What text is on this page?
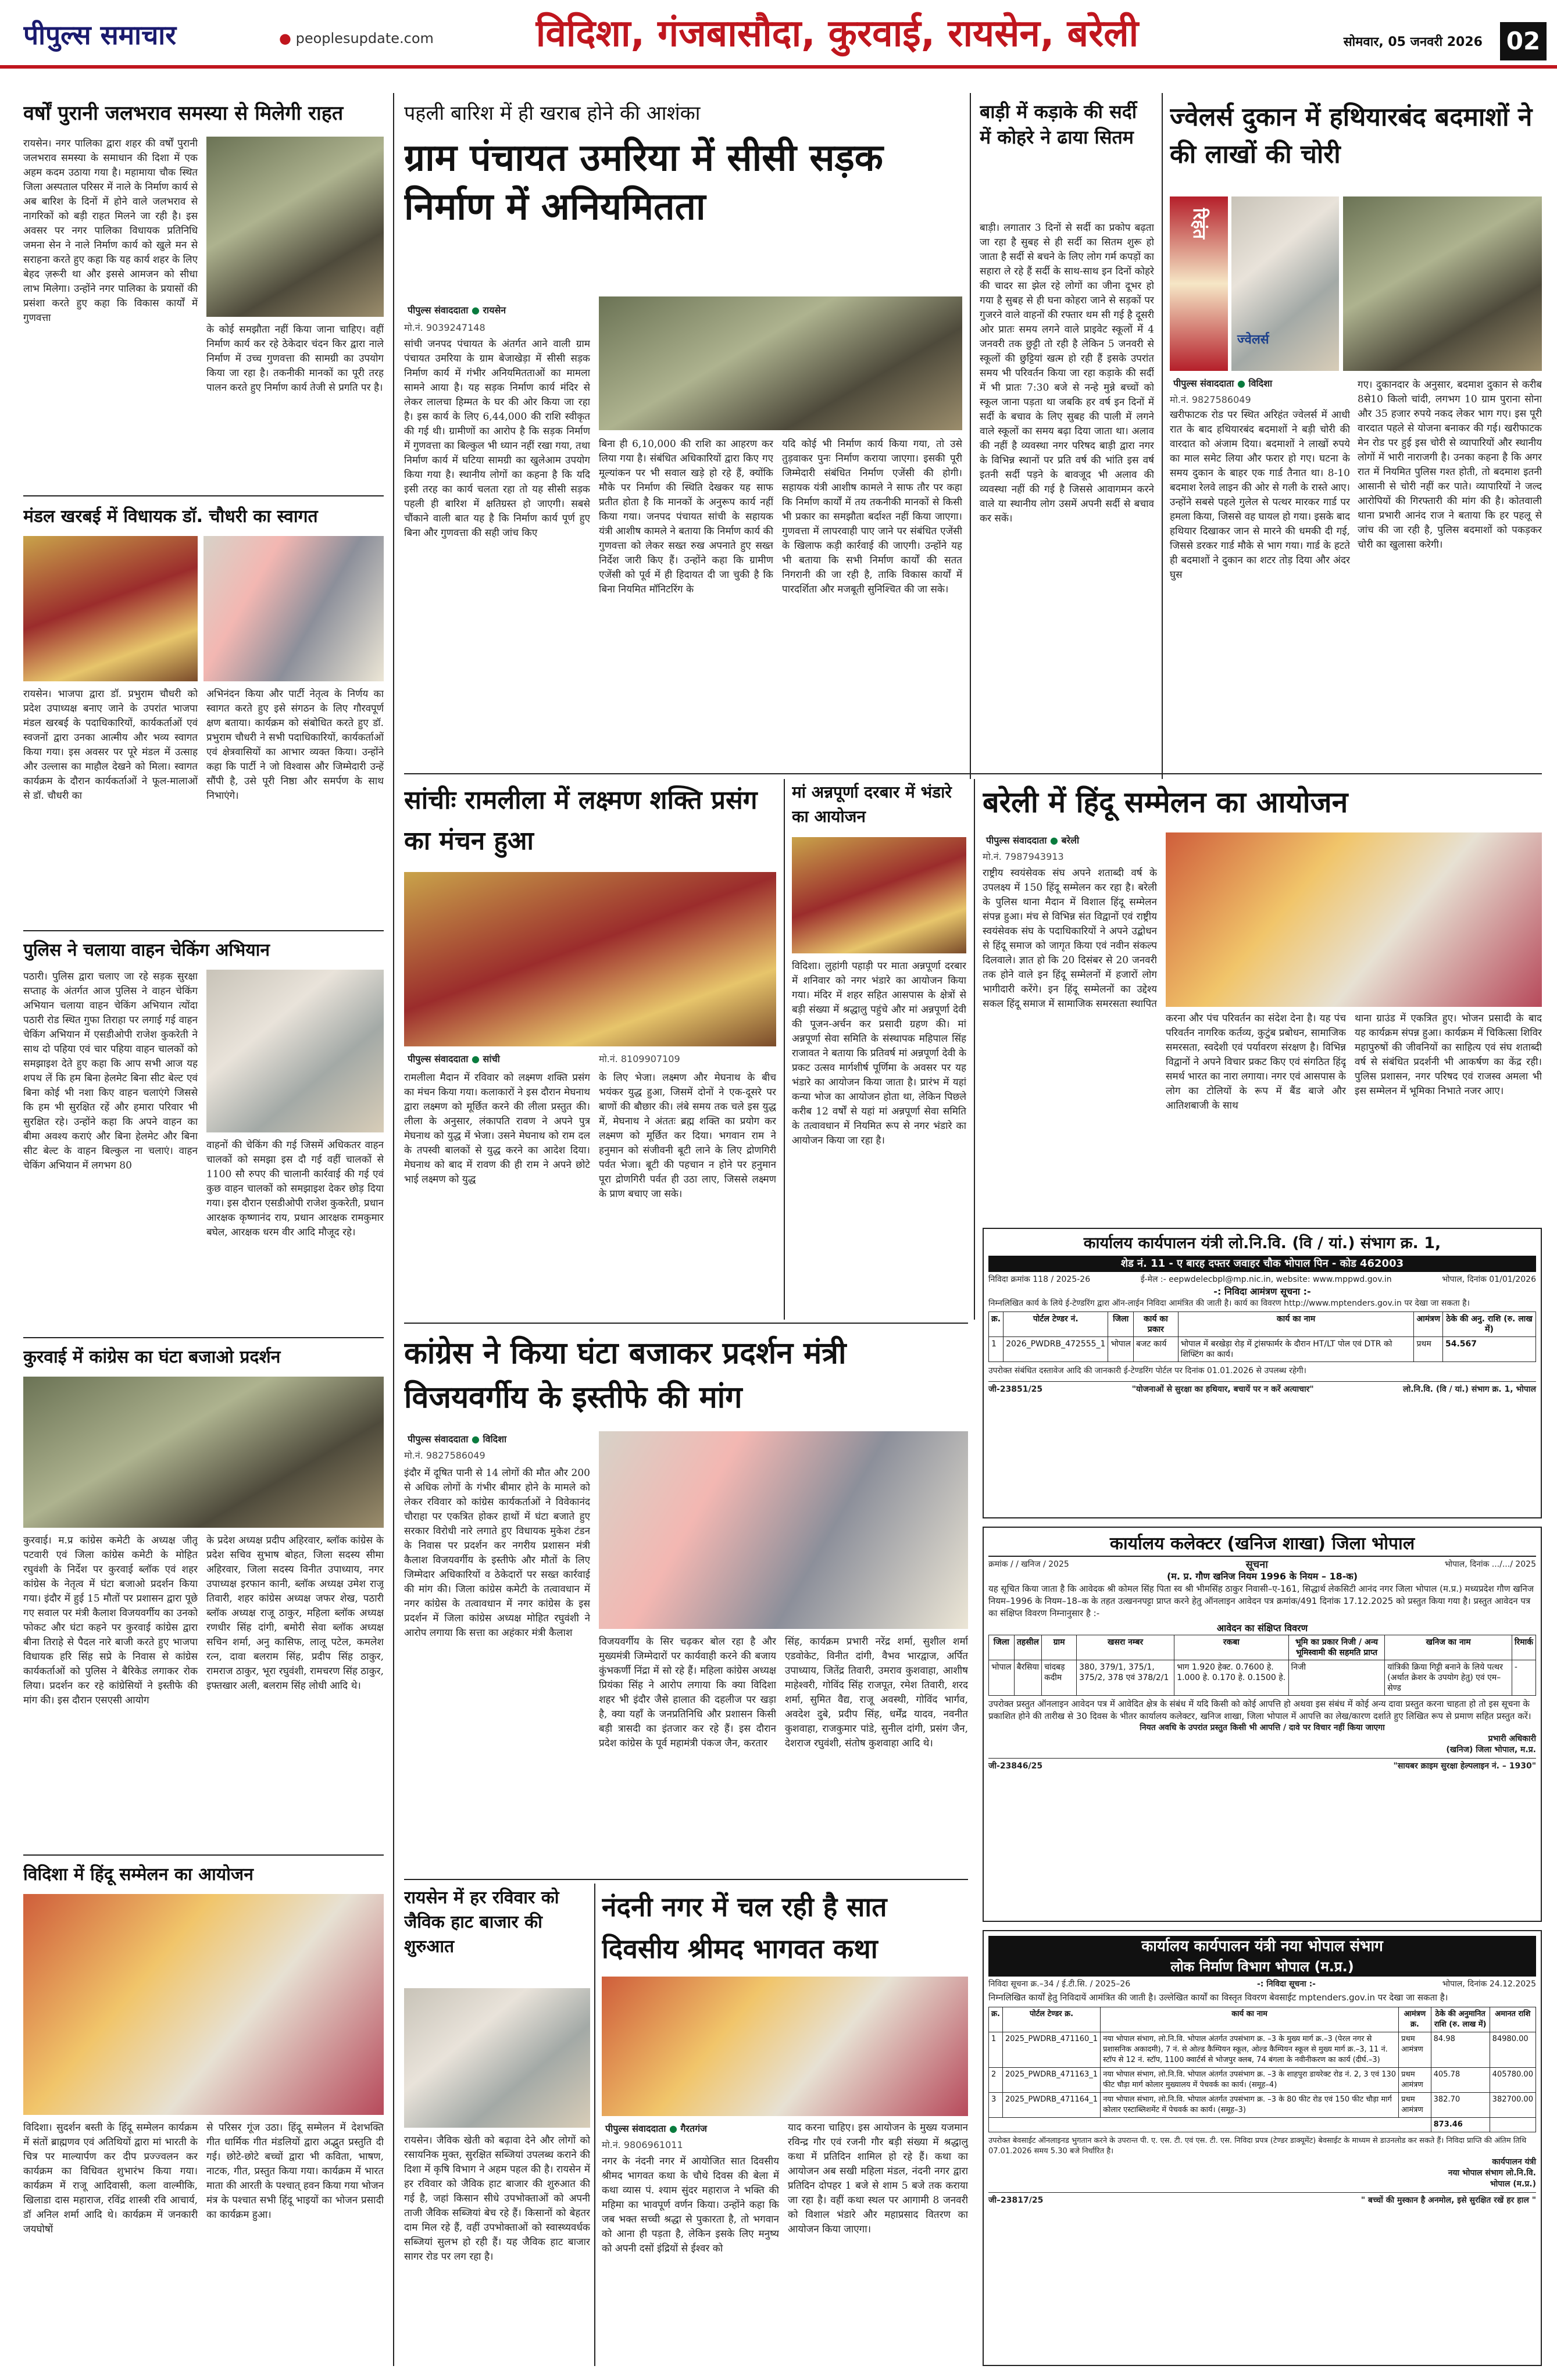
पीपुल्स समाचार	● peoplesupdate.com	विदिशा, गंजबासौदा, कुरवाई, रायसेन, बरेली	सोमवार, 05 जनवरी 2026 02
वर्षों पुरानी जलभराव समस्या से मिलेगी राहत
रायसेन। नगर पालिका द्वारा शहर की वर्षों पुरानी जलभराव समस्या के समाधान की दिशा में एक अहम कदम उठाया गया है। महामाया चौक स्थित जिला अस्पताल परिसर में नाले के निर्माण कार्य से अब बारिश के दिनों में होने वाले जलभराव से नागरिकों को बड़ी राहत मिलने जा रही है। इस अवसर पर नगर पालिका विधायक प्रतिनिधि जमना सेन ने नाले निर्माण कार्य को खुले मन से सराहना करते हुए कहा कि यह कार्य शहर के लिए बेहद ज़रूरी था और इससे आमजन को सीधा लाभ मिलेगा। उन्होंने नगर पालिका के प्रयासों की प्रसंशा करते हुए कहा कि विकास कार्यों में गुणवत्ता
के कोई समझौता नहीं किया जाना चाहिए। वहीं निर्माण कार्य कर रहे ठेकेदार चंदन किर द्वारा नाले निर्माण में उच्च गुणवत्ता की सामग्री का उपयोग किया जा रहा है। तकनीकी मानकों का पूरी तरह पालन करते हुए निर्माण कार्य तेजी से प्रगति पर है।
मंडल खरबई में विधायक डॉ. चौधरी का स्वागत
रायसेन। भाजपा द्वारा डॉ. प्रभुराम चौधरी को प्रदेश उपाध्यक्ष बनाए जाने के उपरांत भाजपा मंडल खरबई के पदाधिकारियों, कार्यकर्ताओं एवं स्वजनों द्वारा उनका आत्मीय और भव्य स्वागत किया गया। इस अवसर पर पूरे मंडल में उत्साह और उल्लास का माहौल देखने को मिला। स्वागत कार्यक्रम के दौरान कार्यकर्ताओं ने फूल-मालाओं से डॉ. चौधरी का
अभिनंदन किया और पार्टी नेतृत्व के निर्णय का स्वागत करते हुए इसे संगठन के लिए गौरवपूर्ण क्षण बताया। कार्यक्रम को संबोधित करते हुए डॉ. प्रभुराम चौधरी ने सभी पदाधिकारियों, कार्यकर्ताओं एवं क्षेत्रवासियों का आभार व्यक्त किया। उन्होंने कहा कि पार्टी ने जो विश्वास और जिम्मेदारी उन्हें सौंपी है, उसे पूरी निष्ठा और समर्पण के साथ निभाएंगे।
पुलिस ने चलाया वाहन चेकिंग अभियान
पठारी। पुलिस द्वारा चलाए जा रहे सड़क सुरक्षा सप्ताह के अंतर्गत आज पुलिस ने वाहन चेकिंग अभियान चलाया वाहन चेकिंग अभियान त्योंदा पठारी रोड स्थित गुफा तिराहा पर लगाई गई वाहन चेकिंग अभियान में एसडीओपी राजेश कुकरेती ने साथ दो पहिया एवं चार पहिया वाहन चालकों को समझाइश देते हुए कहा कि आप सभी आज यह शपथ लें कि हम बिना हेलमेट बिना सीट बेल्ट एवं बिना कोई भी नशा किए वाहन चलाएंगे जिससे कि हम भी सुरक्षित रहें और हमारा परिवार भी सुरक्षित रहे। उन्होंने कहा कि अपने वाहन का बीमा अवश्य कराएं और बिना हेलमेट और बिना सीट बेल्ट के वाहन बिल्कुल ना चलाएं। वाहन चेकिंग अभियान में लगभग 80
वाहनों की चेकिंग की गई जिसमें अधिकतर वाहन चालकों को समझा इस दौ गई वहीं चालकों से 1100 सौ रुपए की चालानी कार्रवाई की गई एवं कुछ वाहन चालकों को समझाइश देकर छोड़ दिया गया। इस दौरान एसडीओपी राजेश कुकरेती, प्रधान आरक्षक कृष्णानंद राय, प्रधान आरक्षक रामकुमार बघेल, आरक्षक धरम वीर आदि मौजूद रहे।
कुरवाई में कांग्रेस का घंटा बजाओ प्रदर्शन
कुरवाई। म.प्र कांग्रेस कमेटी के अध्यक्ष जीतू पटवारी एवं जिला कांग्रेस कमेटी के मोहित रघुवंशी के निर्देश पर कुरवाई ब्लॉक एवं शहर कांग्रेस के नेतृत्व में घंटा बजाओ प्रदर्शन किया गया। इंदौर में हुई 15 मौतों पर प्रशासन द्वारा पूछे गए सवाल पर मंत्री कैलाश विजयवर्गीय का उनको फोकट और घंटा कहने पर कुरवाई कांग्रेस द्वारा बीना तिराहे से पैदल नारे बाजी करते हुए भाजपा विधायक हरि सिंह सप्रे के निवास से कांग्रेस कार्यकर्ताओं को पुलिस ने बैरिकेड लगाकर रोक लिया। प्रदर्शन कर रहे कांग्रेसियों ने इस्तीफे की मांग की। इस दौरान एसएसी आयोग
के प्रदेश अध्यक्ष प्रदीप अहिरवार, ब्लॉक कांग्रेस के प्रदेश सचिव सुभाष बोहत, जिला सदस्य सीमा अहिरवार, जिला सदस्य विनीत उपाध्याय, नगर उपाध्यक्ष इरफान कानी, ब्लॉक अध्यक्ष उमेश राजू तिवारी, शहर कांग्रेस अध्यक्ष जफर शेख, पठारी ब्लॉक अध्यक्ष राजू ठाकुर, महिला ब्लॉक अध्यक्ष रणधीर सिंह दांगी, बमोरी सेवा ब्लॉक अध्यक्ष सचिन शर्मा, अनु कासिफ, लालू पटेल, कमलेश रत्न, दावा बलराम सिंह, प्रदीप सिंह ठाकुर, रामराज ठाकुर, भूरा रघुवंशी, रामचरण सिंह ठाकुर, इफ्तखार अली, बलराम सिंह लोधी आदि थे।
विदिशा में हिंदू सम्मेलन का आयोजन
विदिशा। सुदर्शन बस्ती के हिंदू सम्मेलन कार्यक्रम में संतों ब्राह्मणव एवं अतिथियों द्वारा मां भारती के चित्र पर माल्यार्पण कर दीप प्रज्ज्वलन कर कार्यक्रम का विधिवत शुभारंभ किया गया। कार्यक्रम में राजू आदिवासी, कला वाल्मीकि, खिलाडा दास महाराज, रविंद्र शास्त्री रवि आचार्य, डॉ अनिल शर्मा आदि थे। कार्यक्रम में जनकारी जयघोषों
से परिसर गूंज उठा। हिंदू सम्मेलन में देशभक्ति गीत धार्मिक गीत मंडलियों द्वारा अद्भुत प्रस्तुति दी गई। छोटे-छोटे बच्चों द्वारा भी कविता, भाषण, नाटक, गीत, प्रस्तुत किया गया। कार्यक्रम में भारत माता की आरती के पश्चात् हवन किया गया भोजन मंत्र के पश्चात सभी हिंदू भाइयों का भोजन प्रसादी का कार्यक्रम हुआ।
पहली बारिश में ही खराब होने की आशंका
ग्राम पंचायत उमरिया में सीसी सड़क निर्माण में अनियमितता
पीपुल्स संवाददाता ● रायसेन
मो.नं. 9039247148
सांची जनपद पंचायत के अंतर्गत आने वाली ग्राम पंचायत उमरिया के ग्राम बेजाखेड़ा में सीसी सड़क निर्माण कार्य में गंभीर अनियमितताओं का मामला सामने आया है। यह सड़क निर्माण कार्य मंदिर से लेकर लालचा हिम्मत के घर की ओर किया जा रहा है। इस कार्य के लिए 6,44,000 की राशि स्वीकृत की गई थी। ग्रामीणों का आरोप है कि सड़क निर्माण में गुणवत्ता का बिल्कुल भी ध्यान नहीं रखा गया, तथा निर्माण कार्य में घटिया सामग्री का खुलेआम उपयोग किया गया है। स्थानीय लोगों का कहना है कि यदि इसी तरह का कार्य चलता रहा तो यह सीसी सड़क पहली ही बारिश में क्षतिग्रस्त हो जाएगी। सबसे चौंकाने वाली बात यह है कि निर्माण कार्य पूर्ण हुए बिना और गुणवत्ता की सही जांच किए
बिना ही 6,10,000 की राशि का आहरण कर लिया गया है। संबंधित अधिकारियों द्वारा किए गए मूल्यांकन पर भी सवाल खड़े हो रहे हैं, क्योंकि मौके पर निर्माण की स्थिति देखकर यह साफ प्रतीत होता है कि मानकों के अनुरूप कार्य नहीं किया गया। जनपद पंचायत सांची के सहायक यंत्री आशीष कामले ने बताया कि निर्माण कार्य की गुणवत्ता को लेकर सख्त रुख अपनाते हुए सख्त निर्देश जारी किए हैं। उन्होंने कहा कि ग्रामीण एजेंसी को पूर्व में ही हिदायत दी जा चुकी है कि बिना नियमित मॉनिटरिंग के
यदि कोई भी निर्माण कार्य किया गया, तो उसे तुड़वाकर पुनः निर्माण कराया जाएगा। इसकी पूरी जिम्मेदारी संबंधित निर्माण एजेंसी की होगी। सहायक यंत्री आशीष कामले ने साफ तौर पर कहा कि निर्माण कार्यों में तय तकनीकी मानकों से किसी भी प्रकार का समझौता बर्दाश्त नहीं किया जाएगा। गुणवत्ता में लापरवाही पाए जाने पर संबंधित एजेंसी के खिलाफ कड़ी कार्रवाई की जाएगी। उन्होंने यह भी बताया कि सभी निर्माण कार्यों की सतत निगरानी की जा रही है, ताकि विकास कार्यों में पारदर्शिता और मजबूती सुनिश्चित की जा सके।
बाड़ी में कड़ाके की सर्दी में कोहरे ने ढाया सितम
बाड़ी। लगातार 3 दिनों से सर्दी का प्रकोप बढ़ता जा रहा है सुबह से ही सर्दी का सितम शुरू हो जाता है सर्दी से बचने के लिए लोग गर्म कपड़ों का सहारा ले रहे हैं सर्दी के साथ-साथ इन दिनों कोहरे की चादर सा झेल रहे लोगों का जीना दूभर हो गया है सुबह से ही घना कोहरा जाने से सड़कों पर गुजरने वाले वाहनों की रफ्तार थम सी गई है दूसरी ओर प्रातः समय लगने वाले प्राइवेट स्कूलों में 4 जनवरी तक छुट्टी तो रही है लेकिन 5 जनवरी से स्कूलों की छुट्टियां खत्म हो रही हैं इसके उपरांत समय भी परिवर्तन किया जा रहा कड़ाके की सर्दी में भी प्रातः 7:30 बजे से नन्हे मुन्ने बच्चों को स्कूल जाना पड़ता था जबकि हर वर्ष इन दिनों में सर्दी के बचाव के लिए सुबह की पाली में लगने वाले स्कूलों का समय बढ़ा दिया जाता था। अलाव की नहीं है व्यवस्था नगर परिषद बाड़ी द्वारा नगर के विभिन्न स्थानों पर प्रति वर्ष की भांति इस वर्ष इतनी सर्दी पड़ने के बावजूद भी अलाव की व्यवस्था नहीं की गई है जिससे आवागमन करने वाले या स्थानीय लोग उसमें अपनी सर्दी से बचाव कर सकें।
ज्वेलर्स दुकान में हथियारबंद बदमाशों ने की लाखों की चोरी
रिहंत
ज्वेलर्स
पीपुल्स संवाददाता ● विदिशा
मो.नं. 9827586049
खरीफाटक रोड पर स्थित अरिहंत ज्वेलर्स में आधी रात के बाद हथियारबंद बदमाशों ने बड़ी चोरी की वारदात को अंजाम दिया। बदमाशों ने लाखों रुपये का माल समेट लिया और फरार हो गए। घटना के समय दुकान के बाहर एक गार्ड तैनात था। 8-10 बदमाश रेलवे लाइन की ओर से गली के रास्ते आए। उन्होंने सबसे पहले गुलेल से पत्थर मारकर गार्ड पर हमला किया, जिससे वह घायल हो गया। इसके बाद हथियार दिखाकर जान से मारने की धमकी दी गई, जिससे डरकर गार्ड मौके से भाग गया। गार्ड के हटते ही बदमाशों ने दुकान का शटर तोड़ दिया और अंदर घुस
गए। दुकानदार के अनुसार, बदमाश दुकान से करीब 8से10 किलो चांदी, लगभग 10 ग्राम पुराना सोना और 35 हजार रुपये नकद लेकर भाग गए। इस पूरी वारदात पहले से योजना बनाकर की गई। खरीफाटक मेन रोड पर हुई इस चोरी से व्यापारियों और स्थानीय लोगों में भारी नाराजगी है। उनका कहना है कि अगर रात में नियमित पुलिस गश्त होती, तो बदमाश इतनी आसानी से चोरी नहीं कर पाते। व्यापारियों ने जल्द आरोपियों की गिरफ्तारी की मांग की है। कोतवाली थाना प्रभारी आनंद राज ने बताया कि हर पहलू से जांच की जा रही है, पुलिस बदमाशों को पकड़कर चोरी का खुलासा करेगी।
सांचीः रामलीला में लक्ष्मण शक्ति प्रसंग का मंचन हुआ
पीपुल्स संवाददाता ● सांची	मो.नं. 8109907109
रामलीला मैदान में रविवार को लक्ष्मण शक्ति प्रसंग का मंचन किया गया। कलाकारों ने इस दौरान मेघनाथ द्वारा लक्ष्मण को मूर्छित करने की लीला प्रस्तुत की। लीला के अनुसार, लंकापति रावण ने अपने पुत्र मेघनाथ को युद्ध में भेजा। उसने मेघनाथ को राम दल के तपस्वी बालकों से युद्ध करने का आदेश दिया। मेघनाथ को बाद में रावण की ही राम ने अपने छोटे भाई लक्ष्मण को युद्ध
के लिए भेजा। लक्ष्मण और मेघनाथ के बीच भयंकर युद्ध हुआ, जिसमें दोनों ने एक-दूसरे पर बाणों की बौछार की। लंबे समय तक चले इस युद्ध में, मेघनाथ ने अंततः ब्रह्म शक्ति का प्रयोग कर लक्ष्मण को मूर्छित कर दिया। भगवान राम ने हनुमान को संजीवनी बूटी लाने के लिए द्रोणगिरी पर्वत भेजा। बूटी की पहचान न होने पर हनुमान पूरा द्रोणगिरी पर्वत ही उठा लाए, जिससे लक्ष्मण के प्राण बचाए जा सके।
मां अन्नपूर्णा दरबार में भंडारे का आयोजन
विदिशा। लुहांगी पहाड़ी पर माता अन्नपूर्णा दरबार में शनिवार को नगर भंडारे का आयोजन किया गया। मंदिर में शहर सहित आसपास के क्षेत्रों से बड़ी संख्या में श्रद्धालु पहुंचे और मां अन्नपूर्णा देवी की पूजन-अर्चन कर प्रसादी ग्रहण की। मां अन्नपूर्णा सेवा समिति के संस्थापक महिपाल सिंह राजावत ने बताया कि प्रतिवर्ष मां अन्नपूर्णा देवी के प्रकट उत्सव मार्गशीर्ष पूर्णिमा के अवसर पर यह भंडारे का आयोजन किया जाता है। प्रारंभ में यहां कन्या भोज का आयोजन होता था, लेकिन पिछले करीब 12 वर्षों से यहां मां अन्नपूर्णा सेवा समिति के तत्वावधान में नियमित रूप से नगर भंडारे का आयोजन किया जा रहा है।
बरेली में हिंदू सम्मेलन का आयोजन
पीपुल्स संवाददाता ● बरेली
मो.नं. 7987943913
राष्ट्रीय स्वयंसेवक संघ अपने शताब्दी वर्ष के उपलक्ष्य में 150 हिंदू सम्मेलन कर रहा है। बरेली के पुलिस थाना मैदान में विशाल हिंदू सम्मेलन संपन्न हुआ। मंच से विभिन्न संत विद्वानों एवं राष्ट्रीय स्वयंसेवक संघ के पदाधिकारियों ने अपने उद्बोधन से हिंदू समाज को जागृत किया एवं नवीन संकल्प दिलवाले। ज्ञात हो कि 20 दिसंबर से 20 जनवरी तक होने वाले इन हिंदू सम्मेलनों में हजारों लोग भागीदारी करेंगे। इन हिंदू सम्मेलनों का उद्देश्य सकल हिंदू समाज में सामाजिक समरसता स्थापित
करना और पंच परिवर्तन का संदेश देना है। यह पंच परिवर्तन नागरिक कर्तव्य, कुटुंब प्रबोधन, सामाजिक समरसता, स्वदेशी एवं पर्यावरण संरक्षण है। विभिन्न विद्वानों ने अपने विचार प्रकट किए एवं संगठित हिंदू समर्थ भारत का नारा लगाया। नगर एवं आसपास के लोग का टोलियों के रूप में बैंड बाजे और आतिशबाजी के साथ
थाना ग्राउंड में एकत्रित हुए। भोजन प्रसादी के बाद यह कार्यक्रम संपन्न हुआ। कार्यक्रम में चिकित्सा शिविर महापुरुषों की जीवनियों का साहित्य एवं संघ शताब्दी वर्ष से संबंधित प्रदर्शनी भी आकर्षण का केंद्र रही। पुलिस प्रशासन, नगर परिषद एवं राजस्व अमला भी इस सम्मेलन में भूमिका निभाते नजर आए।
कार्यालय कार्यपालन यंत्री लो.नि.वि. (वि / यां.) संभाग क्र. 1,
शेड नं. 11 - ए बारह दफ्तर जवाहर चौक भोपाल पिन - कोड 462003
निविदा क्रमांक 118 / 2025-26	ई-मेल :- eepwdelecbpl@mp.nic.in, website: www.mppwd.gov.in	भोपाल, दिनांक 01/01/2026
-: निविदा आमंत्रण सूचना :-
निम्नलिखित कार्य के लिये ई-टेण्डरिंग द्वारा ऑन-लाईन निविदा आमंत्रित की जाती है। कार्य का विवरण http://www.mptenders.gov.in पर देखा जा सकता है।
क्र.	पोर्टल टेण्डर नं.	जिला	कार्य का प्रकार	कार्य का नाम	आमंत्रण	ठेके की अनु. राशि (रु. लाख में)
1	2026_PWDRB_472555_1	भोपाल	बजट कार्य	भोपाल में बरखेड़ा रोड़ में ट्रांसफार्मर के दौरान HT/LT पोल एवं DTR को शिफ्टिंग का कार्य।	प्रथम	54.567
उपरोक्त संबंधित दस्तावेज आदि की जानकारी ई-टेण्डरिंग पोर्टल पर दिनांक 01.01.2026 से उपलब्ध रहेगी।
जी-23851/25	"योजनाओं से सुरक्षा का हथियार, बचायें पर न करें अत्याचार"	लो.नि.वि. (वि / यां.) संभाग क्र. 1, भोपाल
कांग्रेस ने किया घंटा बजाकर प्रदर्शन मंत्री विजयवर्गीय के इस्तीफे की मांग
पीपुल्स संवाददाता ● विदिशा
मो.नं. 9827586049
इंदौर में दूषित पानी से 14 लोगों की मौत और 200 से अधिक लोगों के गंभीर बीमार होने के मामले को लेकर रविवार को कांग्रेस कार्यकर्ताओं ने विवेकानंद चौराहा पर एकत्रित होकर हाथों में घंटा बजाते हुए सरकार विरोधी नारे लगाते हुए विधायक मुकेश टंडन के निवास पर प्रदर्शन कर नगरीय प्रशासन मंत्री कैलाश विजयवर्गीय के इस्तीफे और मौतों के लिए जिम्मेदार अधिकारियों व ठेकेदारों पर सख्त कार्रवाई की मांग की। जिला कांग्रेस कमेटी के तत्वावधान में नगर कांग्रेस के तत्वावधान में नगर कांग्रेस के इस प्रदर्शन में जिला कांग्रेस अध्यक्ष मोहित रघुवंशी ने आरोप लगाया कि सत्ता का अहंकार मंत्री कैलाश
विजयवर्गीय के सिर चढ़कर बोल रहा है और मुख्यमंत्री जिम्मेदारों पर कार्यवाही करने की बजाय कुंभकर्णी निंद्रा में सो रहे हैं। महिला कांग्रेस अध्यक्ष प्रियंका सिंह ने आरोप लगाया कि क्या विदिशा शहर भी इंदौर जैसे हालात की दहलीज पर खड़ा है, क्या यहाँ के जनप्रतिनिधि और प्रशासन किसी बड़ी त्रासदी का इंतजार कर रहे हैं। इस दौरान प्रदेश कांग्रेस के पूर्व महामंत्री पंकज जैन, करतार
सिंह, कार्यक्रम प्रभारी नरेंद्र शर्मा, सुशील शर्मा एडवोकेट, विनीत दांगी, वैभव भारद्वाज, अर्पित उपाध्याय, जितेंद्र तिवारी, उमराव कुशवाहा, आशीष माहेश्वरी, गोविंद सिंह राजपूत, रमेश तिवारी, शरद शर्मा, सुमित वैद्य, राजू अवस्थी, गोविंद भार्गव, अवदेश दुबे, प्रदीप सिंह, धर्मेंद्र यादव, नवनीत कुशवाहा, राजकुमार पांडे, सुनील दांगी, प्रसंग जैन, देशराज रघुवंशी, संतोष कुशवाहा आदि थे।
कार्यालय कलेक्टर (खनिज शाखा) जिला भोपाल
क्रमांक / / खनिज / 2025	सूचना	भोपाल, दिनांक .../.../ 2025
(म. प्र. गौण खनिज नियम 1996 के नियम – 18-क)
यह सूचित किया जाता है कि आवेदक श्री कोमल सिंह पिता स्व श्री भीमसिंह ठाकुर निवासी–ए-161, सिद्धार्थ लेकसिटी आनंद नगर जिला भोपाल (म.प्र.) मध्यप्रदेश गौण खनिज नियम–1996 के नियम–18–क के तहत उत्खननपट्टा प्राप्त करने हेतु ऑनलाइन आवेदन पत्र क्रमांक/491 दिनांक 17.12.2025 को प्रस्तुत किया गया है। प्रस्तुत आवेदन पत्र का संक्षिप्त विवरण निम्नानुसार है :-
आवेदन का संक्षिप्त विवरण
जिला	तहसील	ग्राम	खसरा नम्बर	रकबा	भूमि का प्रकार निजी / अन्य भूमिस्वामी की सहमति प्राप्त	खनिज का नाम	रिमार्क
भोपाल	बैरसिया	चांदबड़ कदीम	380, 379/1, 375/1, 375/2, 378 एवं 378/2/1	भाग 1.920 हेक्ट. 0.7600 हे. 1.000 हे. 0.170 हे. 0.1500 हे.	निजी	यांत्रिकी क्रिया गिट्टी बनाने के लिये पत्थर (अर्थात क्रेशर के उपयोग हेतु) एवं एम–सेण्ड	-
उपरोक्त प्रस्तुत ऑनलाइन आवेदन पत्र में आवेदित क्षेत्र के संबंध में यदि किसी को कोई आपत्ति हो अथवा इस संबंध में कोई अन्य दावा प्रस्तुत करना चाहता हो तो इस सूचना के प्रकाशित होने की तारीख से 30 दिवस के भीतर कार्यालय कलेक्टर, खनिज शाखा, जिला भोपाल में आपत्ति का लेख/कारण दर्शाते हुए लिखित रूप से प्रमाण सहित प्रस्तुत करें।
नियत अवधि के उपरांत प्रस्तुत किसी भी आपत्ति / दावे पर विचार नहीं किया जाएगा
प्रभारी अधिकारी
(खनिज) जिला भोपाल, म.प्र.
जी-23846/25	"सायबर क्राइम सुरक्षा हेल्पलाइन नं. – 1930"
रायसेन में हर रविवार को जैविक हाट बाजार की शुरुआत
रायसेन। जैविक खेती को बढ़ावा देने और लोगों को रसायनिक मुक्त, सुरक्षित सब्जियां उपलब्ध कराने की दिशा में कृषि विभाग ने अहम पहल की है। रायसेन में हर रविवार को जैविक हाट बाजार की शुरुआत की गई है, जहां किसान सीधे उपभोक्ताओं को अपनी ताजी जैविक सब्जियां बेच रहे हैं। किसानों को बेहतर दाम मिल रहे हैं, वहीं उपभोक्ताओं को स्वास्थ्यवर्धक सब्जियां सुलभ हो रही हैं। यह जैविक हाट बाजार सागर रोड पर लग रहा है।
नंदनी नगर में चल रही है सात दिवसीय श्रीमद भागवत कथा
पीपुल्स संवाददाता ● गैरतगंज
मो.नं. 9806961011
नगर के नंदनी नगर में आयोजित सात दिवसीय श्रीमद भागवत कथा के चौथे दिवस की बेला में कथा व्यास पं. श्याम सुंदर महाराज ने भक्ति की महिमा का भावपूर्ण वर्णन किया। उन्होंने कहा कि जब भक्त सच्ची श्रद्धा से पुकारता है, तो भगवान को आना ही पड़ता है, लेकिन इसके लिए मनुष्य को अपनी दसों इंद्रियों से ईश्वर को
याद करना चाहिए। इस आयोजन के मुख्य यजमान रविन्द्र गौर एवं रजनी गौर बड़ी संख्या में श्रद्धालु कथा में प्रतिदिन शामिल हो रहे हैं। कथा का आयोजन अब सखी महिला मंडल, नंदनी नगर द्वारा प्रतिदिन दोपहर 1 बजे से शाम 5 बजे तक कराया जा रहा है। वहीं कथा स्थल पर आगामी 8 जनवरी को विशाल भंडारे और महाप्रसाद वितरण का आयोजन किया जाएगा।
कार्यालय कार्यपालन यंत्री नया भोपाल संभाग
लोक निर्माण विभाग भोपाल (म.प्र.)
निविदा सूचना क्र.–34 / ई.टी.सि. / 2025–26	-: निविदा सूचना :-	भोपाल, दिनांक 24.12.2025
निम्नलिखित कार्यों हेतु निविदायें आमंत्रित की जाती है। उल्लेखित कार्यों का विस्तृत विवरण बेवसाईट mptenders.gov.in पर देखा जा सकता है।
क्र.	पोर्टल टेण्डर क्र.	कार्य का नाम	आमंत्रण क्र.	ठेके की अनुमानित राशि (रु. लाख में)	अमानत राशि
1	2025_PWDRB_471160_1	नया भोपाल संभाग, लो.नि.वि. भोपाल अंतर्गत उपसंभाग क्र. –3 के मुख्य मार्ग क्र.–3 (पेरल नगर से प्रशासनिक अकादमी), 7 नं. से ओल्ड कैम्पियन स्कूल, ओल्ड कैम्पियन स्कूल से मुख्य मार्ग क्र.–3, 11 नं. स्टॉप से 12 नं. स्टॉप, 1100 क्वार्टर्स से भोजपुर क्लब, 74 बंगला के नवीनीकरण का कार्य (दीर्घ.–3)	प्रथम आमंत्रण	84.98	84980.00
2	2025_PWDRB_471163_1	नया भोपाल संभाग, लो.नि.वि. भोपाल अंतर्गत उपसंभाग क्र. –3 के शाहपुरा डायरेक्ट रोड नं. 2, 3 एवं 130 फीट चौड़ा मार्ग कोलार मुख्यालय में पेचवर्क का कार्य। (समूह–4)	प्रथम आमंत्रण	405.78	405780.00
3	2025_PWDRB_471164_1	नया भोपाल संभाग, लो.नि.वि. भोपाल अंतर्गत उपसंभाग क्र. –3 के 80 फीट रोड एवं 150 फीट चौड़ा मार्ग कोलार एस्टाब्लिशमेंट में पेचवर्क का कार्य। (समूह–3)	प्रथम आमंत्रण	382.70	382700.00
				873.46	
उपरोक्त बेवसाईट ऑनलाइनड भुगतान करने के उपरान्त पी. ए. एस. टी. एवं एस. टी. एस. निविदा प्रपत्र (टेण्डर डाक्यूमेंट) बेवसाईट के माध्यम से डाउनलोड कर सकते हैं। निविदा प्राप्ति की अंतिम तिथि 07.01.2026 समय 5.30 बजे निर्धारित है।
कार्यपालन यंत्री
नया भोपाल संभाग लो.नि.वि.
भोपाल (म.प्र.)
जी–23817/25	" बच्चों की मुस्कान है अनमोल, इसे सुरक्षित रखें हर हाल "
